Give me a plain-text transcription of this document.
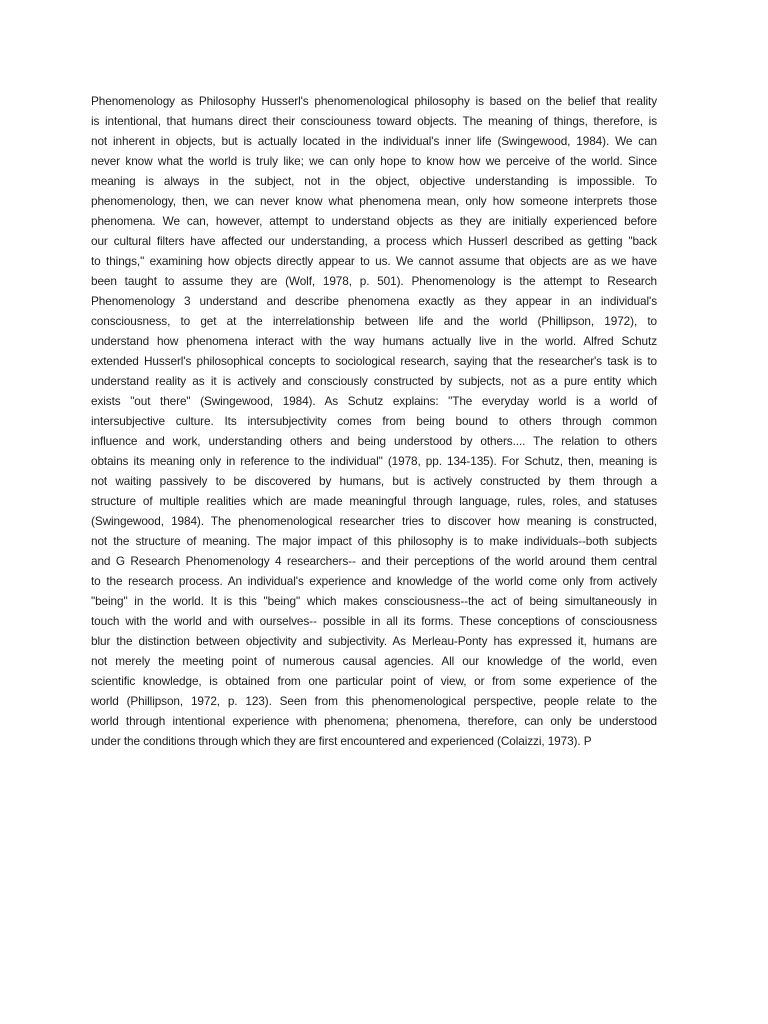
Phenomenology as Philosophy Husserl's phenomenological philosophy is based on the belief that reality
is intentional, that humans direct their consciouness toward objects. The meaning of things, therefore, is
not inherent in objects, but is actually located in the individual's inner life (Swingewood, 1984). We can
never know what the world is truly like; we can only hope to know how we perceive of the world. Since
meaning is always in the subject, not in the object, objective understanding is impossible. To
phenomenology, then, we can never know what phenomena mean, only how someone interprets those
phenomena. We can, however, attempt to understand objects as they are initially experienced before
our cultural filters have affected our understanding, a process which Husserl described as getting "back
to things," examining how objects directly appear to us. We cannot assume that objects are as we have
been taught to assume they are (Wolf, 1978, p. 501). Phenomenology is the attempt to Research
Phenomenology 3 understand and describe phenomena exactly as they appear in an individual's
consciousness, to get at the interrelationship between life and the world (Phillipson, 1972), to
understand how phenomena interact with the way humans actually live in the world. Alfred Schutz
extended Husserl's philosophical concepts to sociological research, saying that the researcher's task is to
understand reality as it is actively and consciously constructed by subjects, not as a pure entity which
exists "out there" (Swingewood, 1984). As Schutz explains: "The everyday world is a world of
intersubjective culture. Its intersubjectivity comes from being bound to others through common
influence and work, understanding others and being understood by others.... The relation to others
obtains its meaning only in reference to the individual" (1978, pp. 134-135). For Schutz, then, meaning is
not waiting passively to be discovered by humans, but is actively constructed by them through a
structure of multiple realities which are made meaningful through language, rules, roles, and statuses
(Swingewood, 1984). The phenomenological researcher tries to discover how meaning is constructed,
not the structure of meaning. The major impact of this philosophy is to make individuals--both subjects
and G Research Phenomenology 4 researchers-- and their perceptions of the world around them central
to the research process. An individual's experience and knowledge of the world come only from actively
"being" in the world. It is this "being" which makes consciousness--the act of being simultaneously in
touch with the world and with ourselves-- possible in all its forms. These conceptions of consciousness
blur the distinction between objectivity and subjectivity. As Merleau-Ponty has expressed it, humans are
not merely the meeting point of numerous causal agencies. All our knowledge of the world, even
scientific knowledge, is obtained from one particular point of view, or from some experience of the
world (Phillipson, 1972, p. 123). Seen from this phenomenological perspective, people relate to the
world through intentional experience with phenomena; phenomena, therefore, can only be understood
under the conditions through which they are first encountered and experienced (Colaizzi, 1973). P
